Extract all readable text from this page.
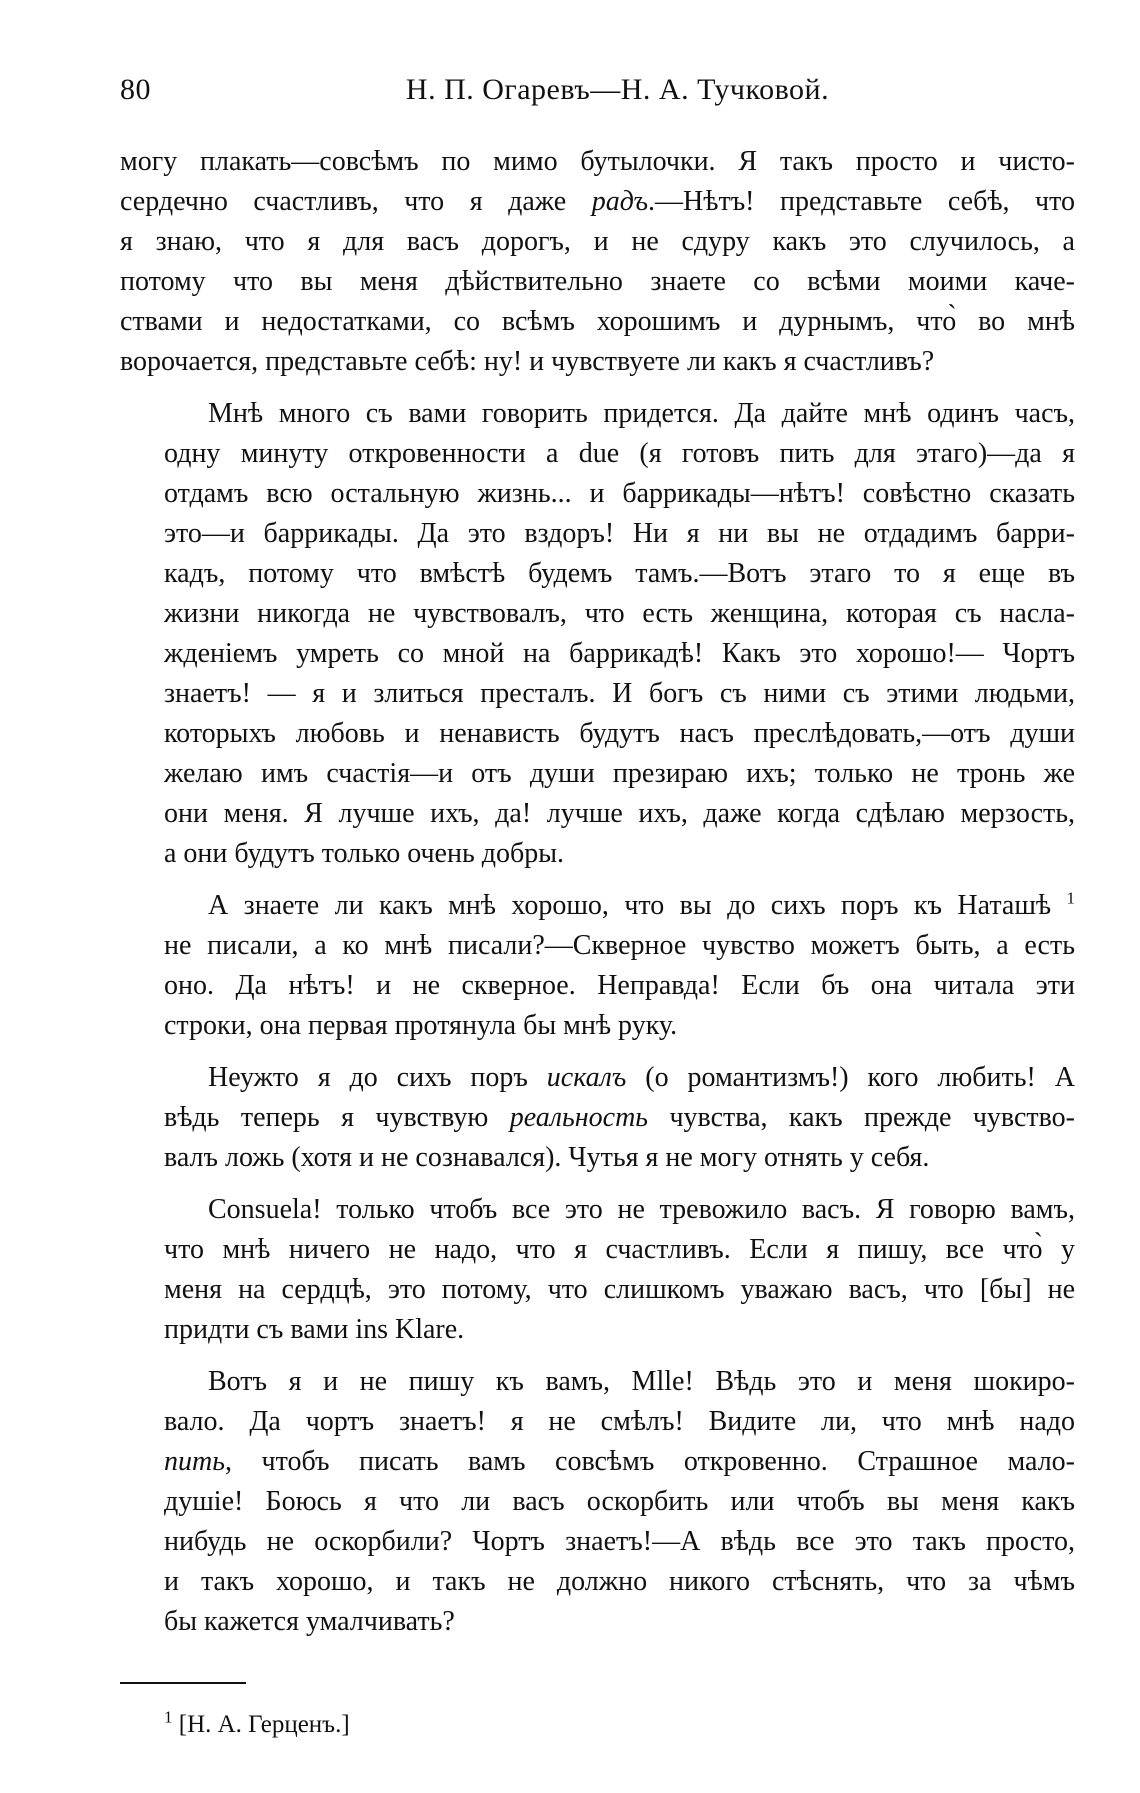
80	Н. П. Огаревъ—Н. А. Тучковой.
могу плакать—совсѣмъ по мимо бутылочки. Я такъ просто и чисто-
сердечно счастливъ, что я даже радъ.—Нѣтъ! представьте себѣ, что
я знаю, что я для васъ дорогъ, и не сдуру какъ это случилось, а
потому что вы меня дѣйствительно знаете со всѣми моими каче-
ствами и недостатками, со всѣмъ хорошимъ и дурнымъ, что̀ во мнѣ
ворочается, представьте себѣ: ну! и чувствуете ли какъ я счастливъ?
Мнѣ много съ вами говорить придется. Да дайте мнѣ одинъ часъ,
одну минуту откровенности a due (я готовъ пить для этаго)—да я
отдамъ всю остальную жизнь... и баррикады—нѣтъ! совѣстно сказать
это—и баррикады. Да это вздоръ! Ни я ни вы не отдадимъ барри-
кадъ, потому что вмѣстѣ будемъ тамъ.—Вотъ этаго то я еще въ
жизни никогда не чувствовалъ, что есть женщина, которая съ насла-
жденіемъ умреть со мной на баррикадѣ! Какъ это хорошо!— Чортъ
знаетъ! — я и злиться престалъ. И богъ съ ними съ этими людьми,
которыхъ любовь и ненависть будутъ насъ преслѣдовать,—отъ души
желаю имъ счастія—и отъ души презираю ихъ; только не тронь же
они меня. Я лучше ихъ, да! лучше ихъ, даже когда сдѣлаю мерзость,
а они будутъ только очень добры.
А знаете ли какъ мнѣ хорошо, что вы до сихъ поръ къ Наташѣ $^1$
не писали, а ко мнѣ писали?—Скверное чувство можетъ быть, а есть
оно. Да нѣтъ! и не скверное. Неправда! Если бъ она читала эти
строки, она первая протянула бы мнѣ руку.
Неужто я до сихъ поръ искалъ (о романтизмъ!) кого любить! А
вѣдь теперь я чувствую реальность чувства, какъ прежде чувство-
валъ ложь (хотя и не сознавался). Чутья я не могу отнять у себя.
Consuela! только чтобъ все это не тревожило васъ. Я говорю вамъ,
что мнѣ ничего не надо, что я счастливъ. Если я пишу, все что̀ у
меня на сердцѣ, это потому, что слишкомъ уважаю васъ, что [бы] не
придти съ вами ins Klare.
Вотъ я и не пишу къ вамъ, Mlle! Вѣдь это и меня шокиро-
вало. Да чортъ знаетъ! я не смѣлъ! Видите ли, что мнѣ надо
пить, чтобъ писать вамъ совсѣмъ откровенно. Страшное мало-
душіе! Боюсь я что ли васъ оскорбить или чтобъ вы меня какъ
нибудь не оскорбили? Чортъ знаетъ!—А вѣдь все это такъ просто,
и такъ хорошо, и такъ не должно никого стѣснять, что за чѣмъ
бы кажется умалчивать?
$^1$ [Н. А. Герценъ.]
